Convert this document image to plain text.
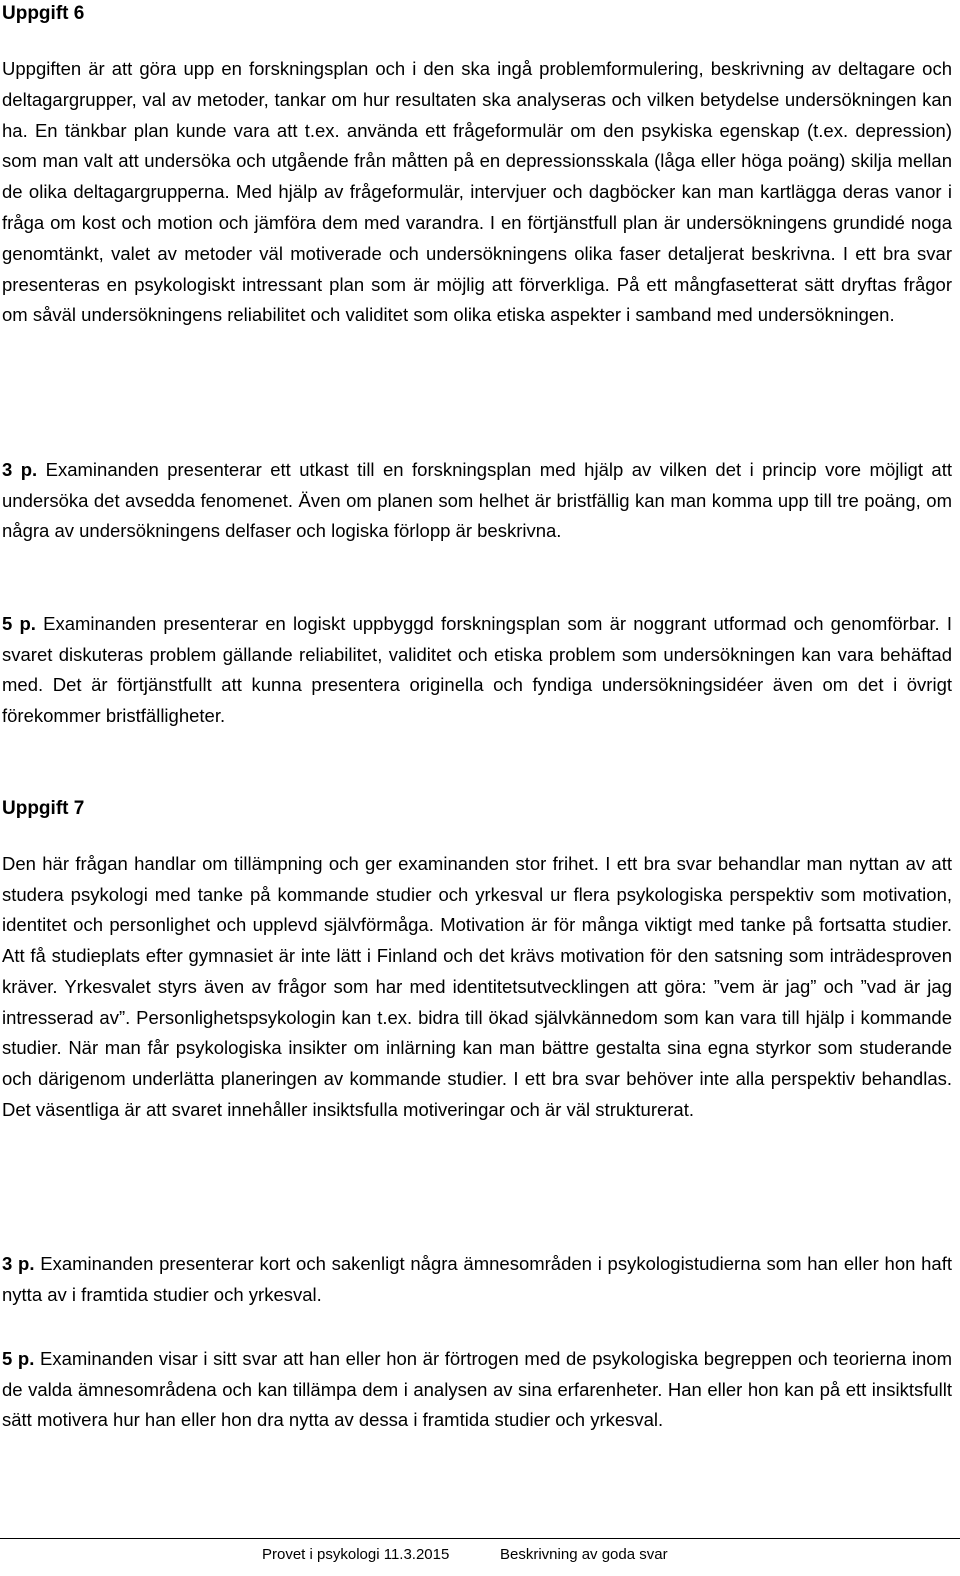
Uppgift 6

Uppgiften är att göra upp en forskningsplan och i den ska ingå problemformulering, beskrivning av deltagare och deltagargrupper, val av metoder, tankar om hur resultaten ska analyseras och vilken betydelse undersökningen kan ha. En tänkbar plan kunde vara att t.ex. använda ett frågeformulär om den psykiska egenskap (t.ex. depression) som man valt att undersöka och utgående från måtten på en depressionsskala (låga eller höga poäng) skilja mellan de olika deltagargrupperna. Med hjälp av frågeformulär, intervjuer och dagböcker kan man kartlägga deras vanor i fråga om kost och motion och jämföra dem med varandra. I en förtjänstfull plan är undersökningens grundidé noga genomtänkt, valet av metoder väl motiverade och undersökningens olika faser detaljerat beskrivna. I ett bra svar presenteras en psykologiskt intressant plan som är möjlig att förverkliga. På ett mångfasetterat sätt dryftas frågor om såväl undersökningens reliabilitet och validitet som olika etiska aspekter i samband med undersökningen.

3 p. Examinanden presenterar ett utkast till en forskningsplan med hjälp av vilken det i princip vore möjligt att undersöka det avsedda fenomenet. Även om planen som helhet är bristfällig kan man komma upp till tre poäng, om några av undersökningens delfaser och logiska förlopp är beskrivna.

5 p. Examinanden presenterar en logiskt uppbyggd forskningsplan som är noggrant utformad och genomförbar. I svaret diskuteras problem gällande reliabilitet, validitet och etiska problem som undersökningen kan vara behäftad med. Det är förtjänstfullt att kunna presentera originella och fyndiga undersökningsidéer även om det i övrigt förekommer bristfälligheter.

Uppgift 7

Den här frågan handlar om tillämpning och ger examinanden stor frihet. I ett bra svar behandlar man nyttan av att studera psykologi med tanke på kommande studier och yrkesval ur flera psykologiska perspektiv som motivation, identitet och personlighet och upplevd självförmåga. Motivation är för många viktigt med tanke på fortsatta studier. Att få studieplats efter gymnasiet är inte lätt i Finland och det krävs motivation för den satsning som inträdesproven kräver. Yrkesvalet styrs även av frågor som har med identitetsutvecklingen att göra: ”vem är jag” och ”vad är jag intresserad av”. Personlighetspsykologin kan t.ex. bidra till ökad självkännedom som kan vara till hjälp i kommande studier. När man får psykologiska insikter om inlärning kan man bättre gestalta sina egna styrkor som studerande och därigenom underlätta planeringen av kommande studier. I ett bra svar behöver inte alla perspektiv behandlas. Det väsentliga är att svaret innehåller insiktsfulla motiveringar och är väl strukturerat.

3 p. Examinanden presenterar kort och sakenligt några ämnesområden i psykologistudierna som han eller hon haft nytta av i framtida studier och yrkesval.

5 p. Examinanden visar i sitt svar att han eller hon är förtrogen med de psykologiska begreppen och teorierna inom de valda ämnesområdena och kan tillämpa dem i analysen av sina erfarenheter. Han eller hon kan på ett insiktsfullt sätt motivera hur han eller hon dra nytta av dessa i framtida studier och yrkesval.

Provet i psykologi 11.3.2015	Beskrivning av goda svar
